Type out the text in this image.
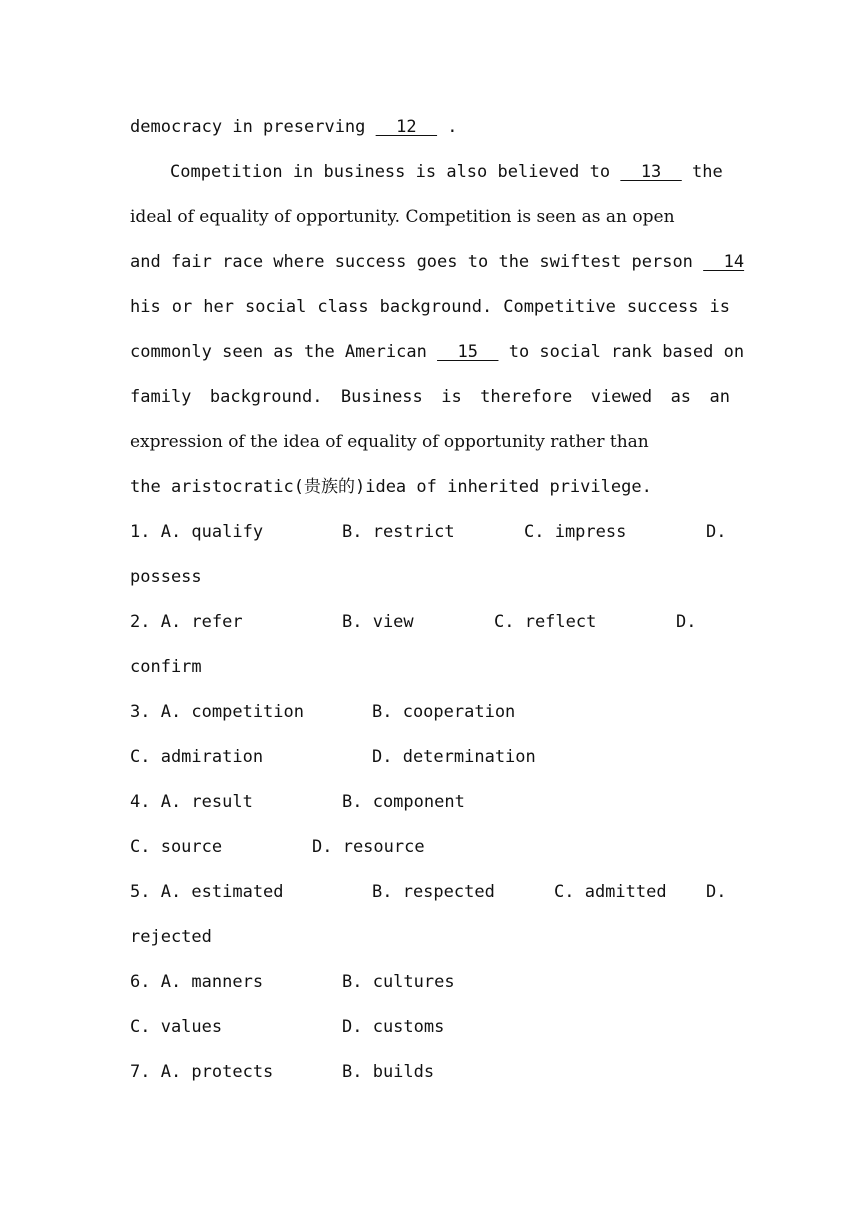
democracy in preserving   12   .
Competition in business is also believed to   13   the
ideal of equality of opportunity. Competition is seen as an open
and fair race where success goes to the swiftest person   14
his or her social class background. Competitive success is
commonly seen as the American   15   to social rank based on
family background. Business is therefore viewed as an
expression of the idea of equality of opportunity rather than
the aristocratic(贵族的)idea of inherited privilege.

1. A. qualify

	B. restrict

	C. impress

	D.

possess

2. A. refer

	B. view

	C. reflect

	D.

confirm

3. A. competition

	B. cooperation

C. admiration

	D. determination

4. A. result

	B. component

C. source

	D. resource

5. A. estimated

	B. respected

	C. admitted

D.

rejected

6. A. manners

	B. cultures

C. values

	D. customs

7. A. protects

	B. builds
